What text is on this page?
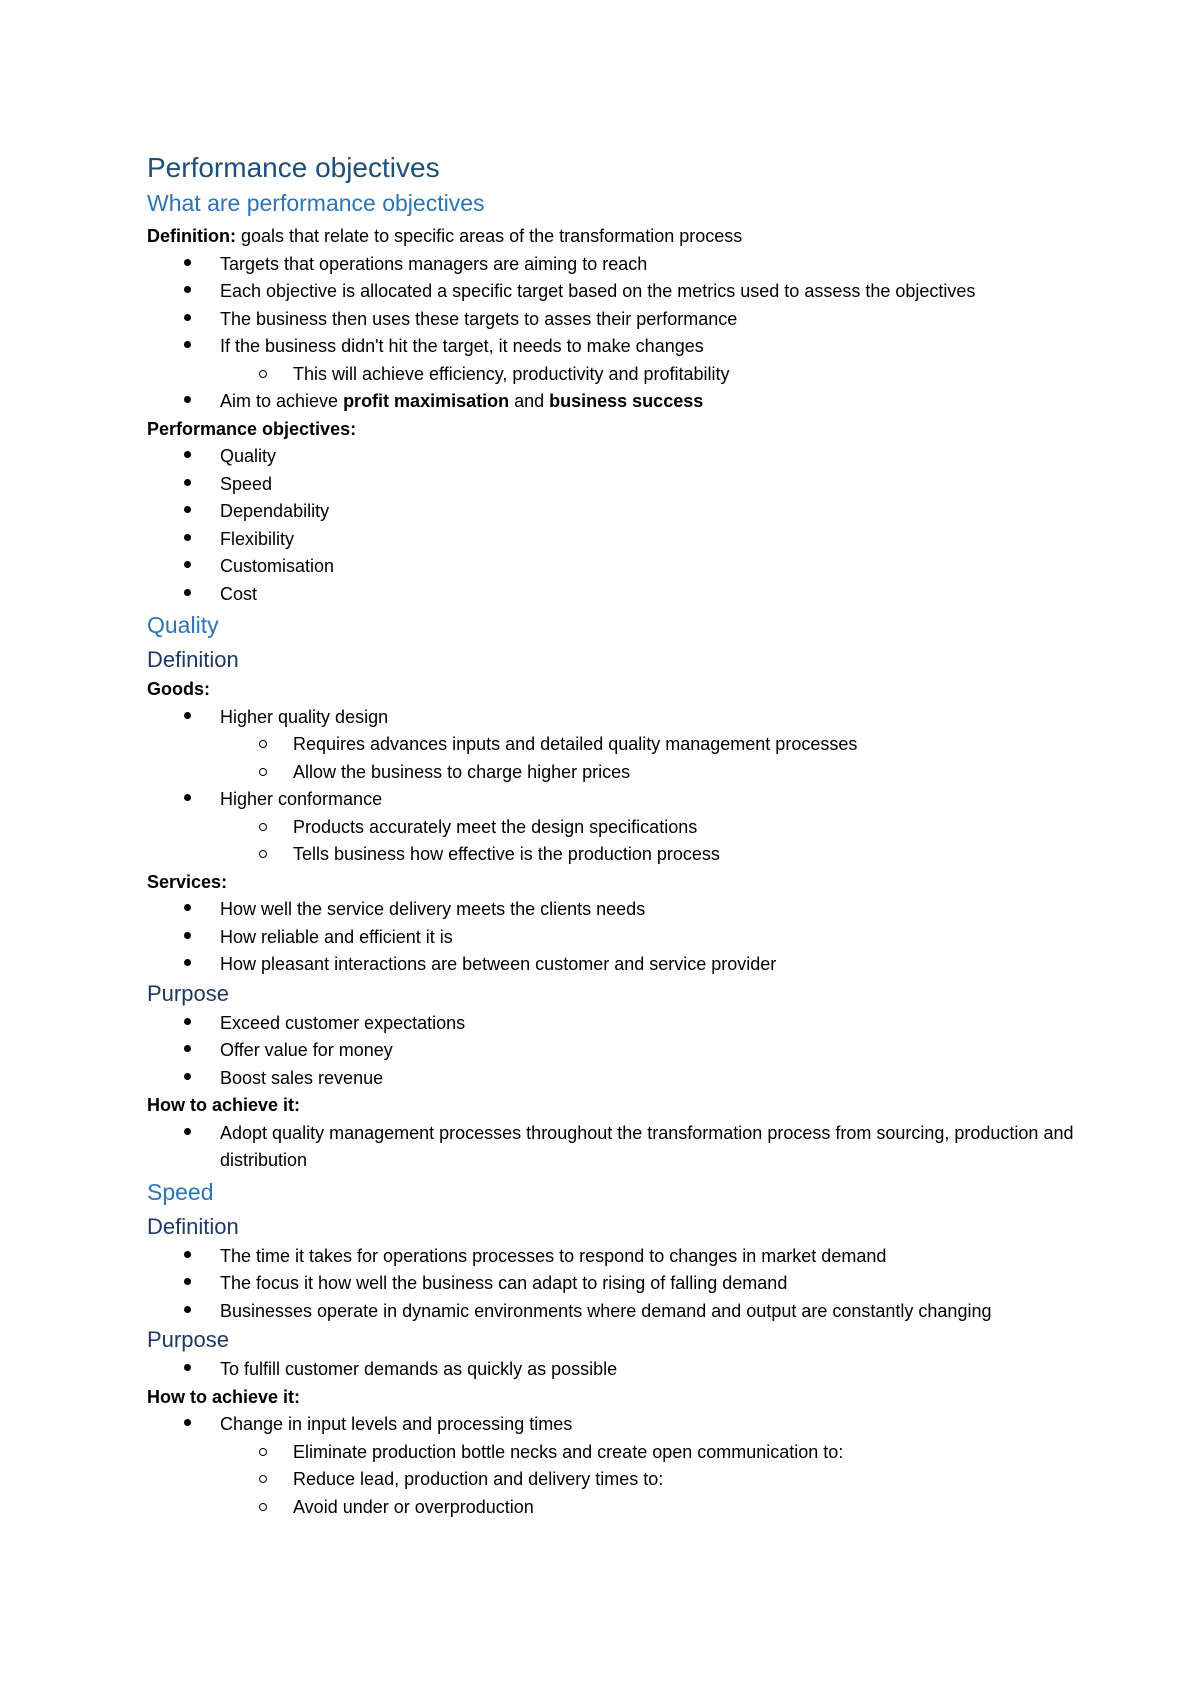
Performance objectives
What are performance objectives

Definition: goals that relate to specific areas of the transformation process

Targets that operations managers are aiming to reach
Each objective is allocated a specific target based on the metrics used to assess the objectives
The business then uses these targets to asses their performance
If the business didn't hit the target, it needs to make changes
This will achieve efficiency, productivity and profitability
Aim to achieve profit maximisation and business success

Performance objectives:

Quality
Speed
Dependability
Flexibility
Customisation
Cost
Quality
Definition

Goods:

Higher quality design
Requires advances inputs and detailed quality management processes
Allow the business to charge higher prices
Higher conformance
Products accurately meet the design specifications
Tells business how effective is the production process

Services:

How well the service delivery meets the clients needs
How reliable and efficient it is
How pleasant interactions are between customer and service provider
Purpose
Exceed customer expectations
Offer value for money
Boost sales revenue

How to achieve it:

Adopt quality management processes throughout the transformation process from sourcing, production and distribution
Speed
Definition
The time it takes for operations processes to respond to changes in market demand
The focus it how well the business can adapt to rising of falling demand
Businesses operate in dynamic environments where demand and output are constantly changing
Purpose
To fulfill customer demands as quickly as possible

How to achieve it:

Change in input levels and processing times
Eliminate production bottle necks and create open communication to:
Reduce lead, production and delivery times to:
Avoid under or overproduction
